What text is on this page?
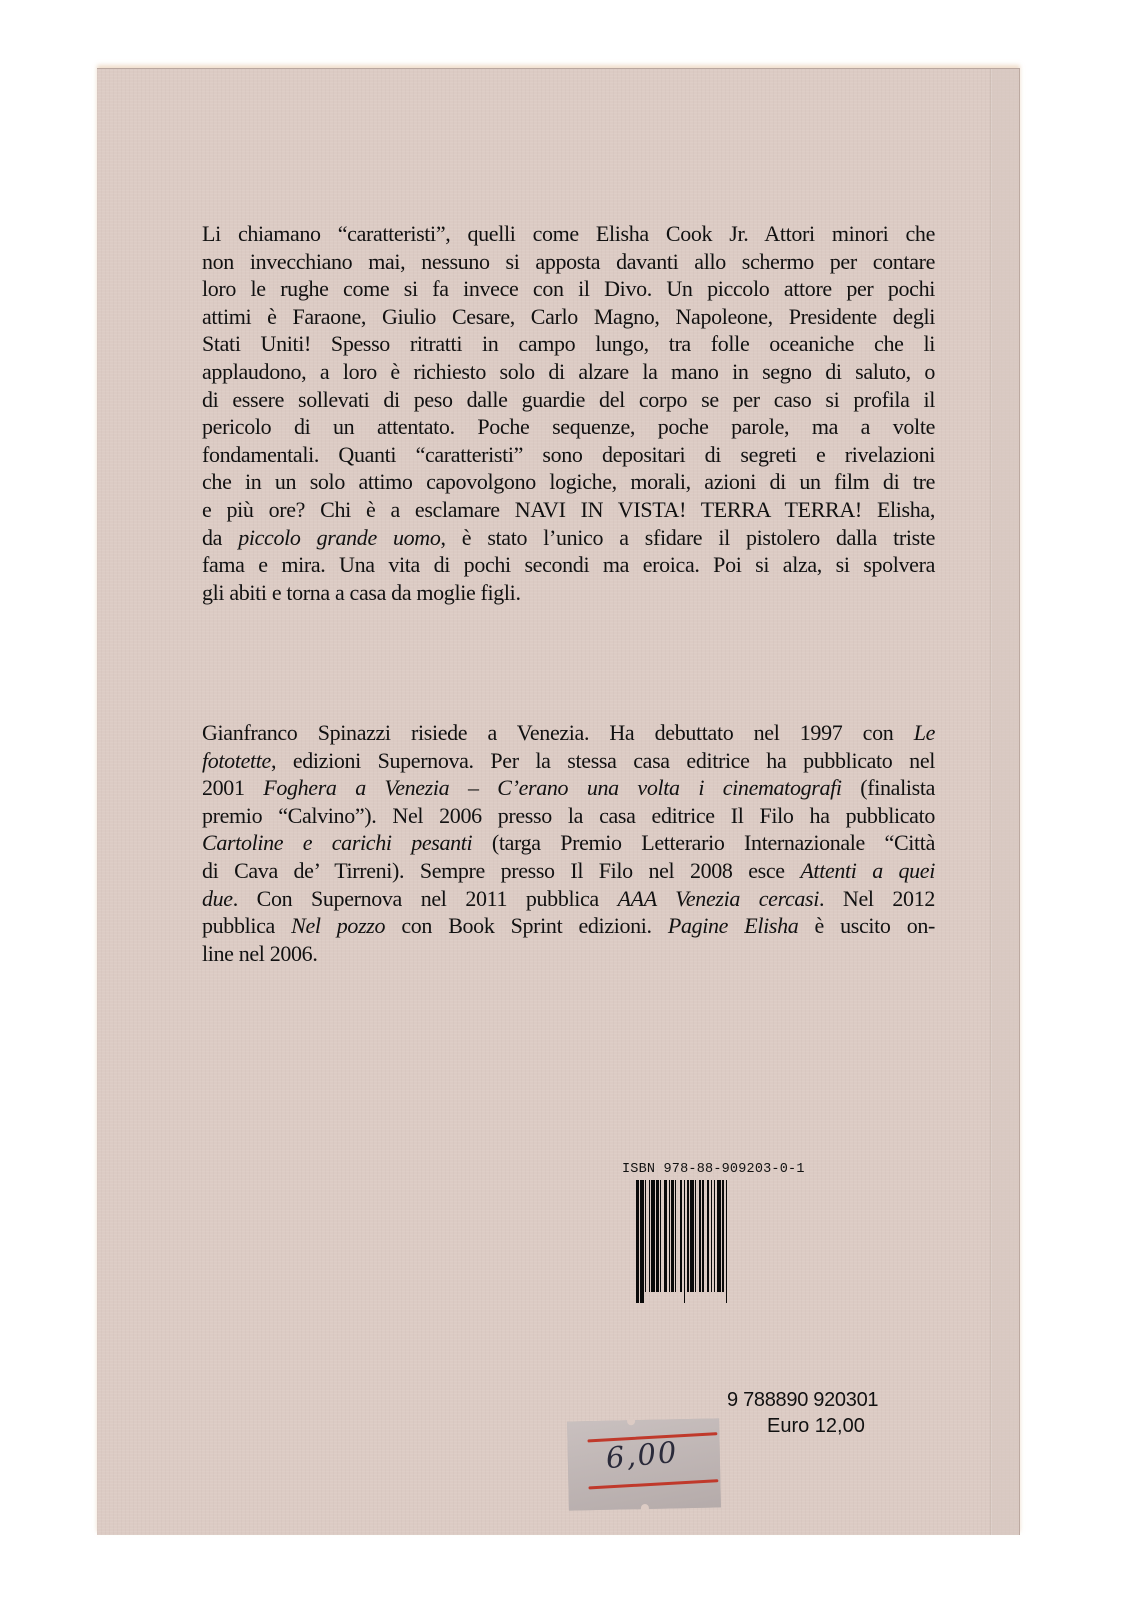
Li chiamano “caratteristi”, quelli come Elisha Cook Jr. Attori minori che
non invecchiano mai, nessuno si apposta davanti allo schermo per contare
loro le rughe come si fa invece con il Divo. Un piccolo attore per pochi
attimi è Faraone, Giulio Cesare, Carlo Magno, Napoleone, Presidente degli
Stati Uniti! Spesso ritratti in campo lungo, tra folle oceaniche che li
applaudono, a loro è richiesto solo di alzare la mano in segno di saluto, o
di essere sollevati di peso dalle guardie del corpo se per caso si profila il
pericolo di un attentato. Poche sequenze, poche parole, ma a volte
fondamentali. Quanti “caratteristi” sono depositari di segreti e rivelazioni
che in un solo attimo capovolgono logiche, morali, azioni di un film di tre
e più ore? Chi è a esclamare NAVI IN VISTA! TERRA TERRA! Elisha,
da piccolo grande uomo, è stato l’unico a sfidare il pistolero dalla triste
fama e mira. Una vita di pochi secondi ma eroica. Poi si alza, si spolvera
gli abiti e torna a casa da moglie figli.
Gianfranco Spinazzi risiede a Venezia. Ha debuttato nel 1997 con Le
fototette, edizioni Supernova. Per la stessa casa editrice ha pubblicato nel
2001 Foghera a Venezia – C’erano una volta i cinematografi (finalista
premio “Calvino”). Nel 2006 presso la casa editrice Il Filo ha pubblicato
Cartoline e carichi pesanti (targa Premio Letterario Internazionale “Città
di Cava de’ Tirreni). Sempre presso Il Filo nel 2008 esce Attenti a quei
due. Con Supernova nel 2011 pubblica AAA Venezia cercasi. Nel 2012
pubblica Nel pozzo con Book Sprint edizioni. Pagine Elisha è uscito on-
line nel 2006.
ISBN 978-88-909203-0-1
9 788890 920301
Euro 12,00
6,00
